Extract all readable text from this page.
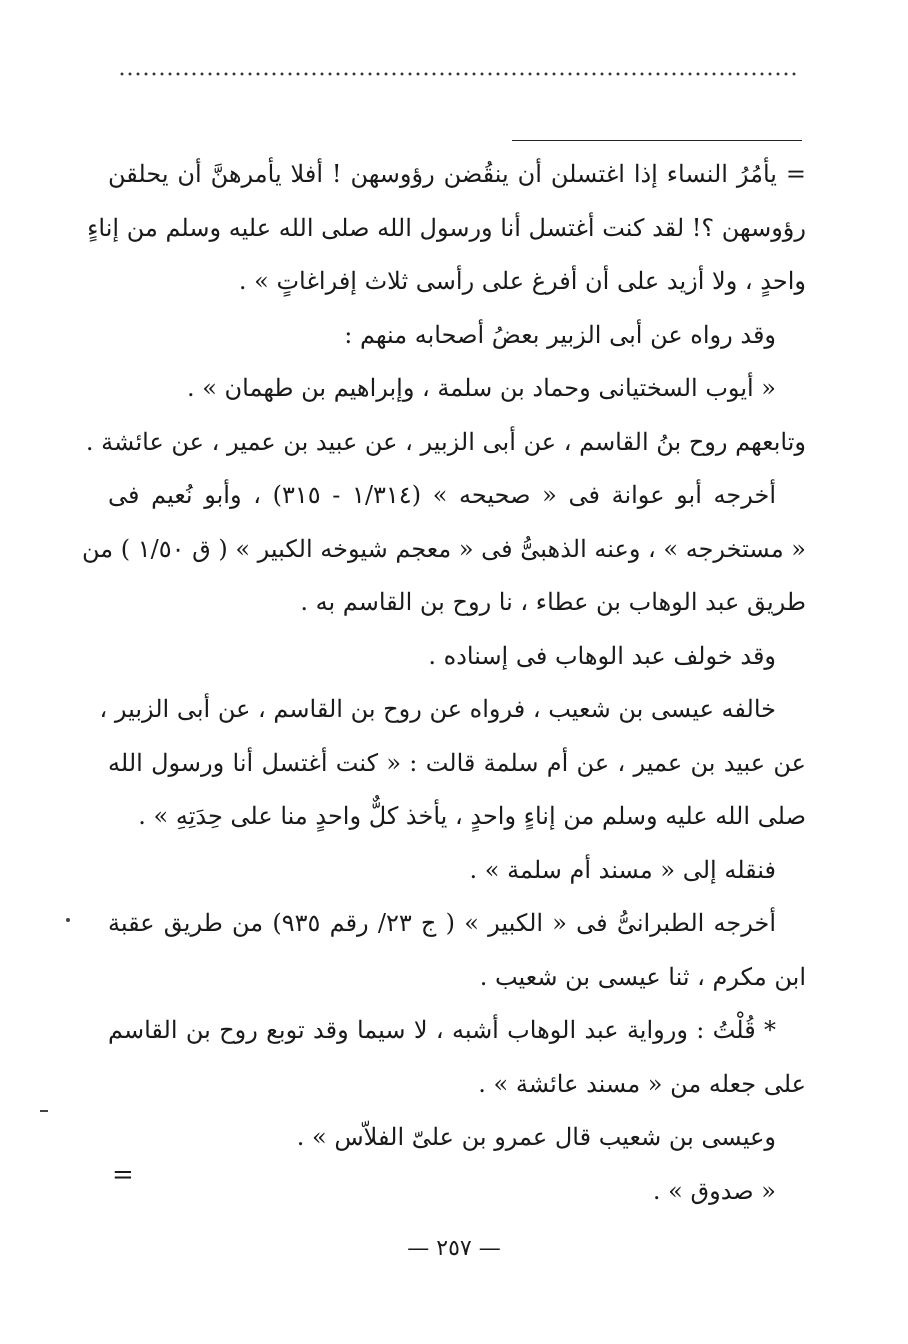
= يأمُرُ النساء إذا اغتسلن أن ينقُضن رؤوسهن ! أفلا يأمرهنَّ أن يحلقن
رؤوسهن ؟! لقد كنت أغتسل أنا ورسول الله صلى الله عليه وسلم من إناءٍ
واحدٍ ، ولا أزيد على أن أفرغ على رأسى ثلاث إفراغاتٍ » .
وقد رواه عن أبى الزبير بعضُ أصحابه منهم :
« أيوب السختيانى وحماد بن سلمة ، وإبراهيم بن طهمان » .
وتابعهم روح بنُ القاسم ، عن أبى الزبير ، عن عبيد بن عمير ، عن عائشة .
أخرجه أبو عوانة فى « صحيحه » (١/٣١٤ - ٣١٥) ، وأبو نُعيم فى
« مستخرجه » ، وعنه الذهبىُّ فى « معجم شيوخه الكبير » ( ق ١/٥٠ ) من
طريق عبد الوهاب بن عطاء ، نا روح بن القاسم به .
وقد خولف عبد الوهاب فى إسناده .
خالفه عيسى بن شعيب ، فرواه عن روح بن القاسم ، عن أبى الزبير ،
عن عبيد بن عمير ، عن أم سلمة قالت : « كنت أغتسل أنا ورسول الله
صلى الله عليه وسلم من إناءٍ واحدٍ ، يأخذ كلٌّ واحدٍ منا على حِدَتِهِ » .
فنقله إلى « مسند أم سلمة » .
أخرجه الطبرانىُّ فى « الكبير » ( ج ٢٣/ رقم ٩٣٥) من طريق عقبة
ابن مكرم ، ثنا عيسى بن شعيب .
* قُلْتُ : ورواية عبد الوهاب أشبه ، لا سيما وقد توبع روح بن القاسم
على جعله من « مسند عائشة » .
وعيسى بن شعيب قال عمرو بن علىّ الفلاّس » .
« صدوق » .
=
— ٢٥٧ —
